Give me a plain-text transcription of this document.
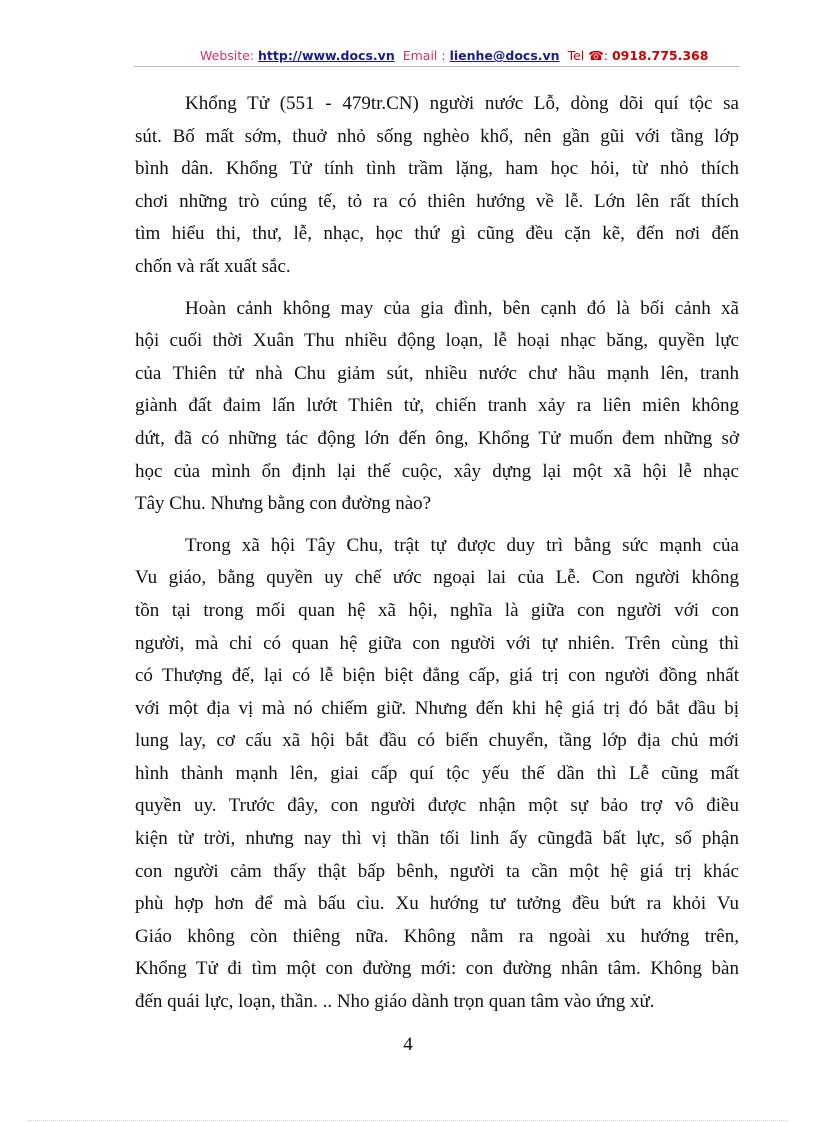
Website: http://www.docs.vn Email : lienhe@docs.vn Tel ☎: 0918.775.368

Khổng Tử (551 - 479tr.CN) người nước Lỗ, dòng dõi quí tộc sa
sút. Bố mất sớm, thuở nhỏ sống nghèo khổ, nên gần gũi với tầng lớp
bình dân. Khổng Tử tính tình trầm lặng, ham học hỏi, từ nhỏ thích
chơi những trò cúng tế, tỏ ra có thiên hướng về lễ. Lớn lên rất thích
tìm hiểu thi, thư, lễ, nhạc, học thứ gì cũng đều cặn kẽ, đến nơi đến
chốn và rất xuất sắc.

Hoàn cảnh không may của gia đình, bên cạnh đó là bối cảnh xã
hội cuối thời Xuân Thu nhiều động loạn, lễ hoại nhạc băng, quyền lực
của Thiên tử nhà Chu giảm sút, nhiều nước chư hầu mạnh lên, tranh
giành đất đaim lấn lướt Thiên tử, chiến tranh xảy ra liên miên không
dứt, đã có những tác động lớn đến ông, Khổng Tử muốn đem những sở
học của mình ổn định lại thế cuộc, xây dựng lại một xã hội lễ nhạc
Tây Chu. Nhưng bằng con đường nào?

Trong xã hội Tây Chu, trật tự được duy trì bằng sức mạnh của
Vu giáo, bằng quyền uy chế ước ngoại lai của Lễ. Con người không
tồn tại trong mối quan hệ xã hội, nghĩa là giữa con người với con
người, mà chỉ có quan hệ giữa con người với tự nhiên. Trên cùng thì
có Thượng đế, lại có lễ biện biệt đẳng cấp, giá trị con người đồng nhất
với một địa vị mà nó chiếm giữ. Nhưng đến khi hệ giá trị đó bắt đầu bị
lung lay, cơ cấu xã hội bắt đầu có biến chuyển, tầng lớp địa chủ mới
hình thành mạnh lên, giai cấp quí tộc yếu thế dần thì Lễ cũng mất
quyền uy. Trước đây, con người được nhận một sự bảo trợ vô điều
kiện từ trời, nhưng nay thì vị thần tối linh ấy cũngđã bất lực, số phận
con người cảm thấy thật bấp bênh, người ta cần một hệ giá trị khác
phù hợp hơn để mà bấu cìu. Xu hướng tư tưởng đều bứt ra khỏi Vu
Giáo không còn thiêng nữa. Không nằm ra ngoài xu hướng trên,
Khổng Tử đi tìm một con đường mới: con đường nhân tâm. Không bàn
đến quái lực, loạn, thần. .. Nho giáo dành trọn quan tâm vào ứng xử.

4
